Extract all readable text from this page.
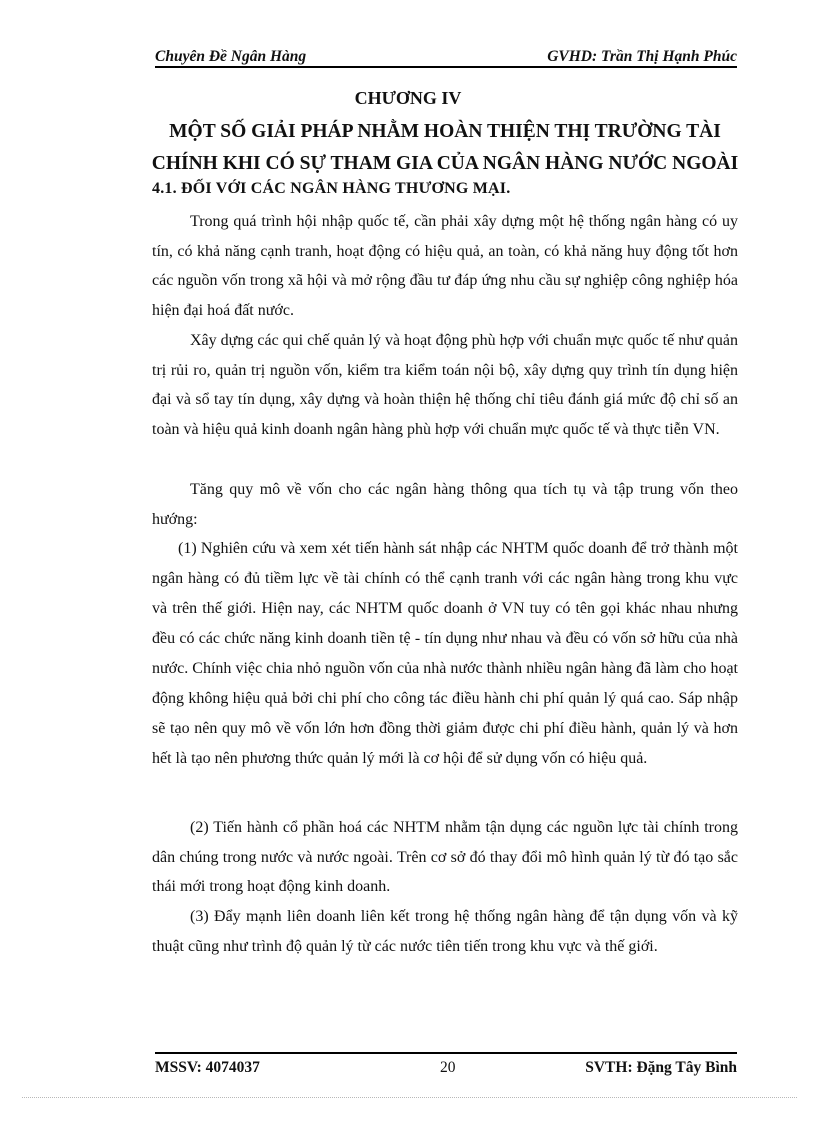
Chuyên Đề Ngân Hàng	GVHD: Trần Thị Hạnh Phúc
CHƯƠNG IV
MỘT SỐ GIẢI PHÁP NHẰM HOÀN THIỆN THỊ TRƯỜNG TÀI
CHÍNH KHI CÓ SỰ THAM GIA CỦA NGÂN HÀNG NƯỚC NGOÀI
4.1. ĐỐI VỚI CÁC NGÂN HÀNG THƯƠNG MẠI.
Trong quá trình hội nhập quốc tế, cần phải xây dựng một hệ thống ngân hàng có uy tín, có khả năng cạnh tranh, hoạt động có hiệu quả, an toàn, có khả năng huy động tốt hơn các nguồn vốn trong xã hội và mở rộng đầu tư đáp ứng nhu cầu sự nghiệp công nghiệp hóa hiện đại hoá đất nước.
Xây dựng các qui chế quản lý và hoạt động phù hợp với chuẩn mực quốc tế như quản trị rủi ro, quản trị nguồn vốn, kiểm tra kiểm toán nội bộ, xây dựng quy trình tín dụng hiện đại và sổ tay tín dụng, xây dựng và hoàn thiện hệ thống chỉ tiêu đánh giá mức độ chỉ số an toàn và hiệu quả kinh doanh ngân hàng phù hợp với chuẩn mực quốc tế và thực tiễn VN.
Tăng quy mô về vốn cho các ngân hàng thông qua tích tụ và tập trung vốn theo hướng:
(1) Nghiên cứu và xem xét tiến hành sát nhập các NHTM quốc doanh để trở thành một ngân hàng có đủ tiềm lực về tài chính có thể cạnh tranh với các ngân hàng trong khu vực và trên thế giới. Hiện nay, các NHTM quốc doanh ở VN tuy có tên gọi khác nhau nhưng đều có các chức năng kinh doanh tiền tệ - tín dụng như nhau và đều có vốn sở hữu của nhà nước. Chính việc chia nhỏ nguồn vốn của nhà nước thành nhiều ngân hàng đã làm cho hoạt động không hiệu quả bởi chi phí cho công tác điều hành chi phí quản lý quá cao. Sáp nhập sẽ tạo nên quy mô về vốn lớn hơn đồng thời giảm được chi phí điều hành, quản lý và hơn hết là tạo nên phương thức quản lý mới là cơ hội để sử dụng vốn có hiệu quả.
(2) Tiến hành cổ phần hoá các NHTM nhằm tận dụng các nguồn lực tài chính trong dân chúng trong nước và nước ngoài. Trên cơ sở đó thay đổi mô hình quản lý từ đó tạo sắc thái mới trong hoạt động kinh doanh.
(3) Đẩy mạnh liên doanh liên kết trong hệ thống ngân hàng để tận dụng vốn và kỹ thuật cũng như trình độ quản lý từ các nước tiên tiến trong khu vực và thế giới.
MSSV: 4074037	20	SVTH: Đặng Tây Bình
